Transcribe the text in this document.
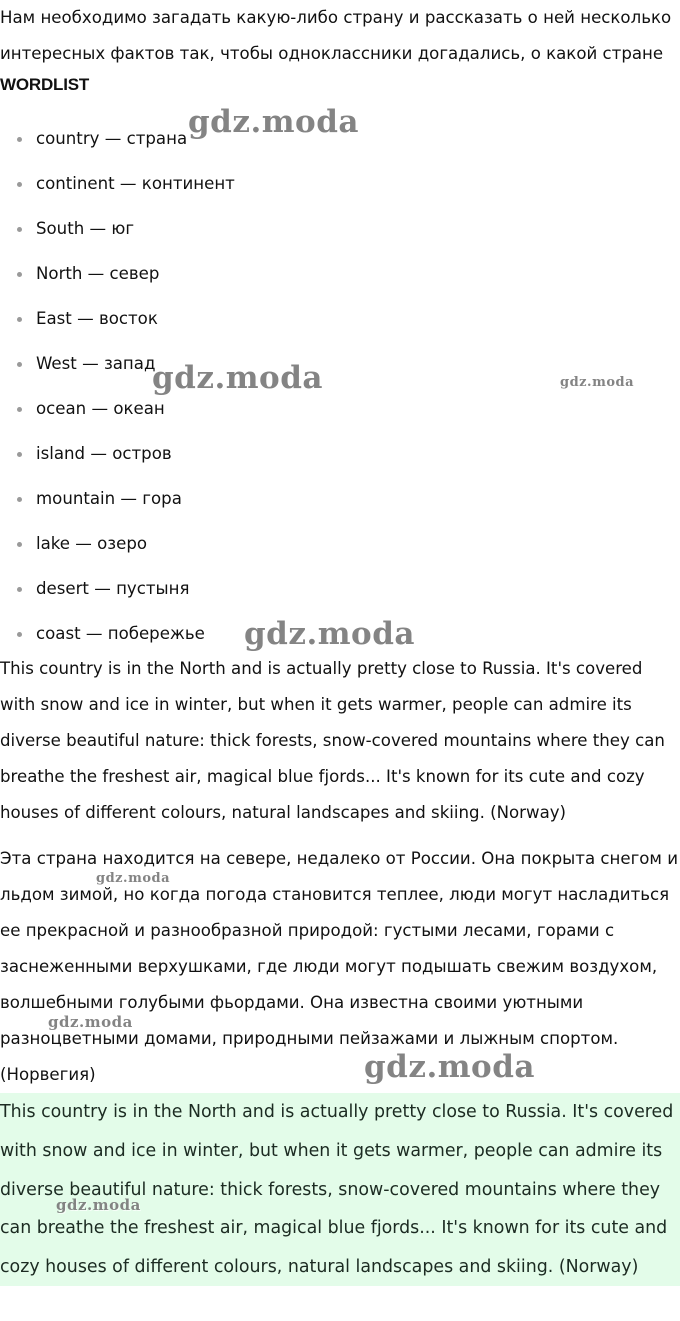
Нам необходимо загадать какую-либо страну и рассказать о ней несколько интересных фактов так, чтобы одноклассники догадались, о какой стране

WORDLIST
country — страна
continent — континент
South — юг
North — север
East — восток
West — запад
ocean — океан
island — остров
mountain — гора
lake — озеро
desert — пустыня
coast — побережье

This country is in the North and is actually pretty close to Russia. It's covered with snow and ice in winter, but when it gets warmer, people can admire its diverse beautiful nature: thick forests, snow-covered mountains where they can breathe the freshest air, magical blue fjords... It's known for its cute and cozy houses of different colours, natural landscapes and skiing. (Norway)

Эта страна находится на севере, недалеко от России. Она покрыта снегом и льдом зимой, но когда погода становится теплее, люди могут насладиться ее прекрасной и разнообразной природой: густыми лесами, горами с заснеженными верхушками, где люди могут подышать свежим воздухом, волшебными голубыми фьордами. Она известна своими уютными разноцветными домами, природными пейзажами и лыжным спортом. (Норвегия)

This country is in the North and is actually pretty close to Russia. It's covered with snow and ice in winter, but when it gets warmer, people can admire its diverse beautiful nature: thick forests, snow-covered mountains where they can breathe the freshest air, magical blue fjords... It's known for its cute and cozy houses of different colours, natural landscapes and skiing. (Norway)

gdz.moda
gdz.moda	gdz.moda
gdz.moda
gdz.moda
gdz.moda
gdz.moda
gdz.moda
